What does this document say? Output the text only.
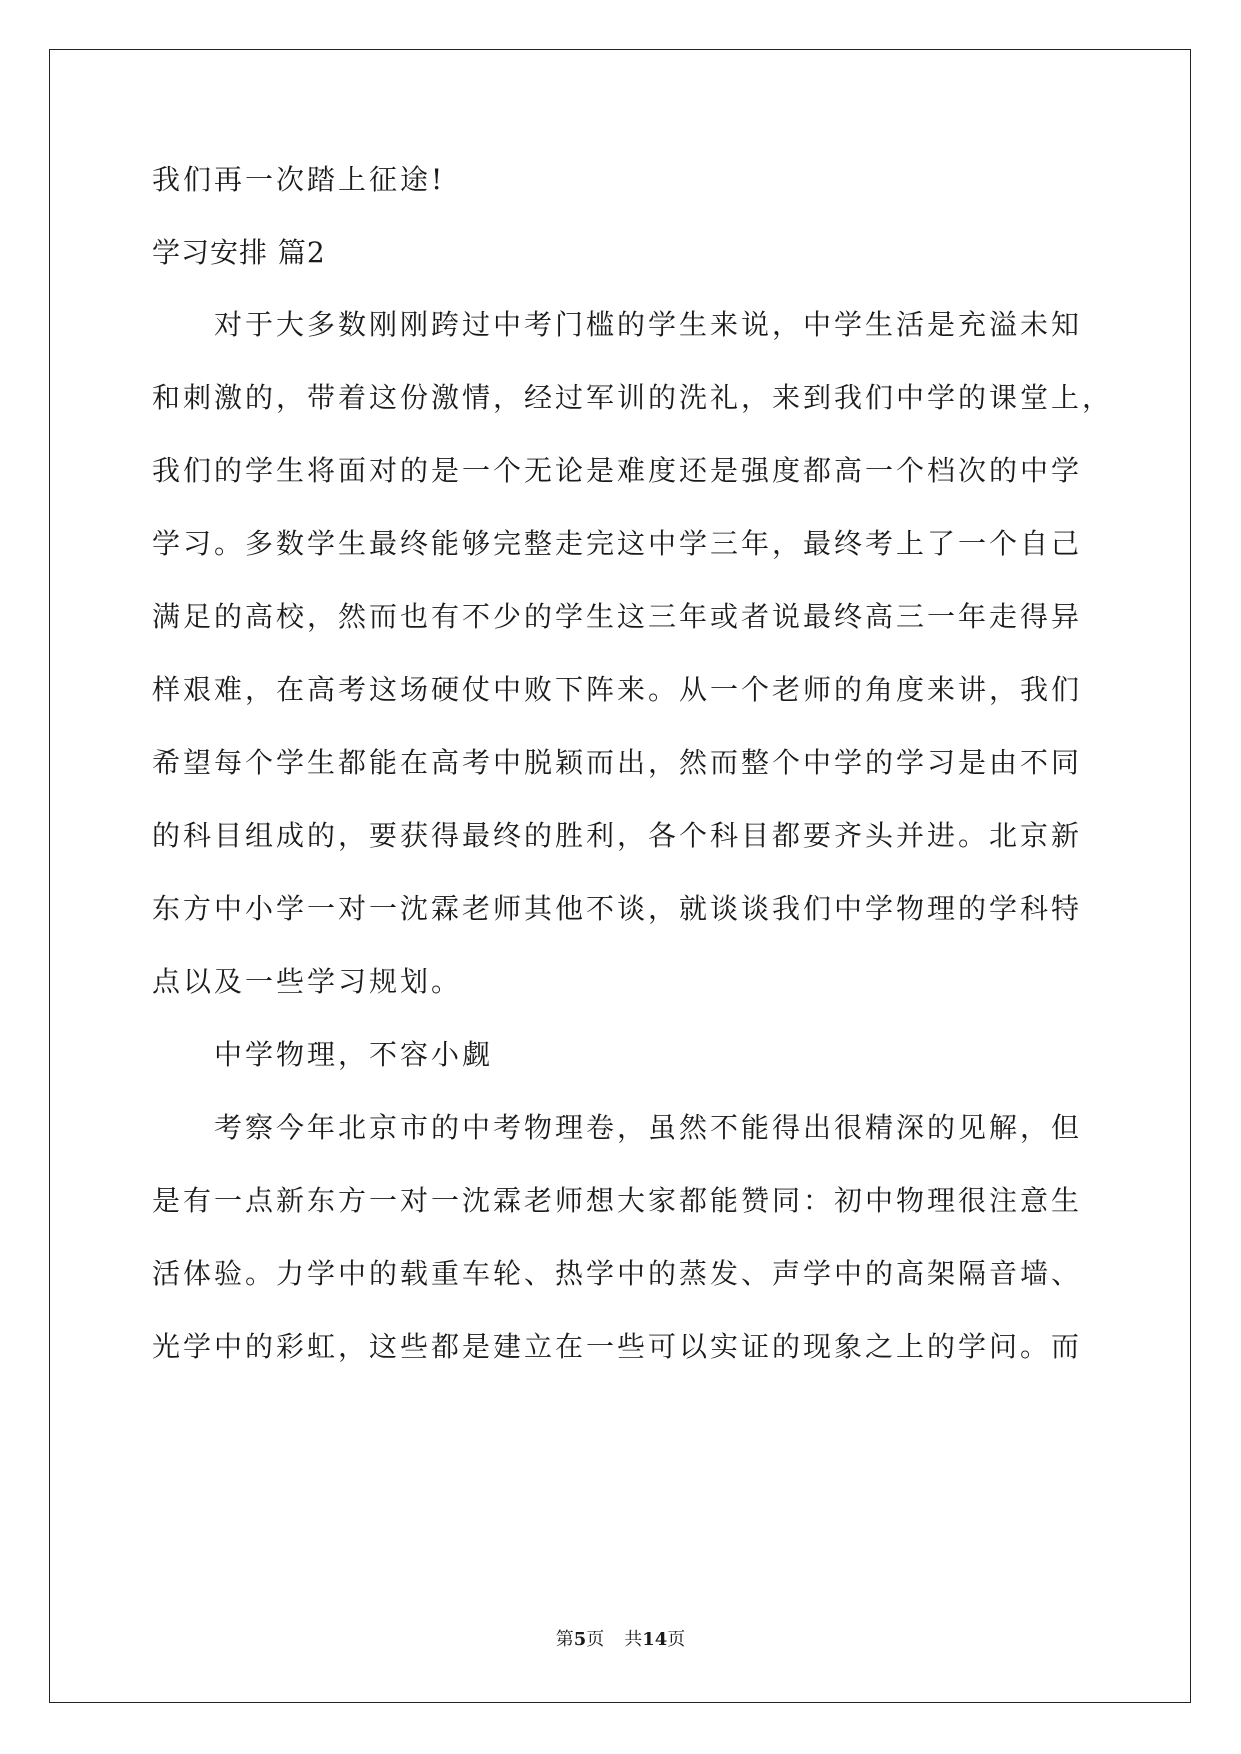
我们再一次踏上征途!
学习安排 篇2
对于大多数刚刚跨过中考门槛的学生来说，中学生活是充溢未知
和刺激的，带着这份激情，经过军训的洗礼，来到我们中学的课堂上，
我们的学生将面对的是一个无论是难度还是强度都高一个档次的中学
学习。多数学生最终能够完整走完这中学三年，最终考上了一个自己
满足的高校，然而也有不少的学生这三年或者说最终高三一年走得异
样艰难，在高考这场硬仗中败下阵来。从一个老师的角度来讲，我们
希望每个学生都能在高考中脱颖而出，然而整个中学的学习是由不同
的科目组成的，要获得最终的胜利，各个科目都要齐头并进。北京新
东方中小学一对一沈霖老师其他不谈，就谈谈我们中学物理的学科特
点以及一些学习规划。
中学物理，不容小觑
考察今年北京市的中考物理卷，虽然不能得出很精深的见解，但
是有一点新东方一对一沈霖老师想大家都能赞同：初中物理很注意生
活体验。力学中的载重车轮、热学中的蒸发、声学中的高架隔音墙、
光学中的彩虹，这些都是建立在一些可以实证的现象之上的学问。而
第5页 共14页
